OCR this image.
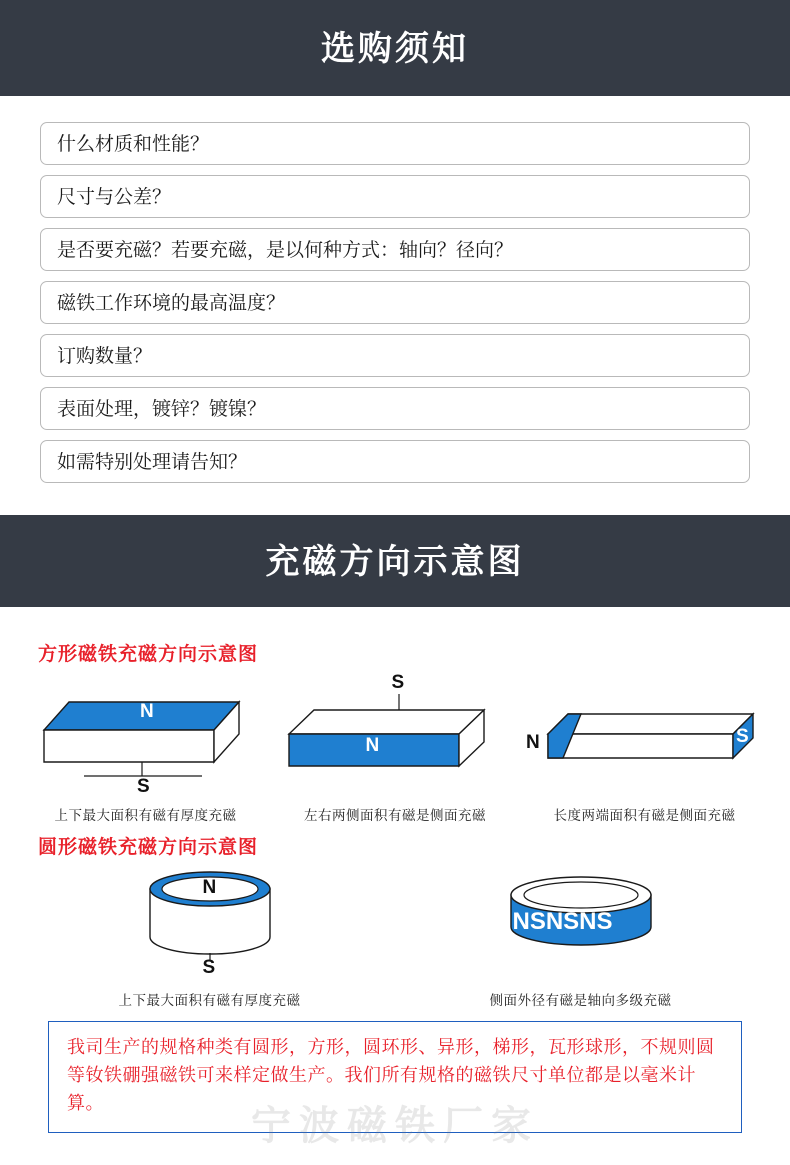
选购须知
什么材质和性能？
尺寸与公差？
是否要充磁？若要充磁，是以何种方式：轴向？径向？
磁铁工作环境的最高温度？
订购数量？
表面处理，镀锌？镀镍？
如需特别处理请告知？
充磁方向示意图
方形磁铁充磁方向示意图
N
S
上下最大面积有磁有厚度充磁
S
N
左右两侧面积有磁是侧面充磁
N	S
长度两端面积有磁是侧面充磁
圆形磁铁充磁方向示意图
N
S
上下最大面积有磁有厚度充磁
NSNSNS
侧面外径有磁是轴向多级充磁
我司生产的规格种类有圆形，方形，圆环形、异形，梯形，瓦形球形，不规则圆等钕铁硼强磁铁可来样定做生产。我们所有规格的磁铁尺寸单位都是以毫米计算。
宁波磁铁厂家
